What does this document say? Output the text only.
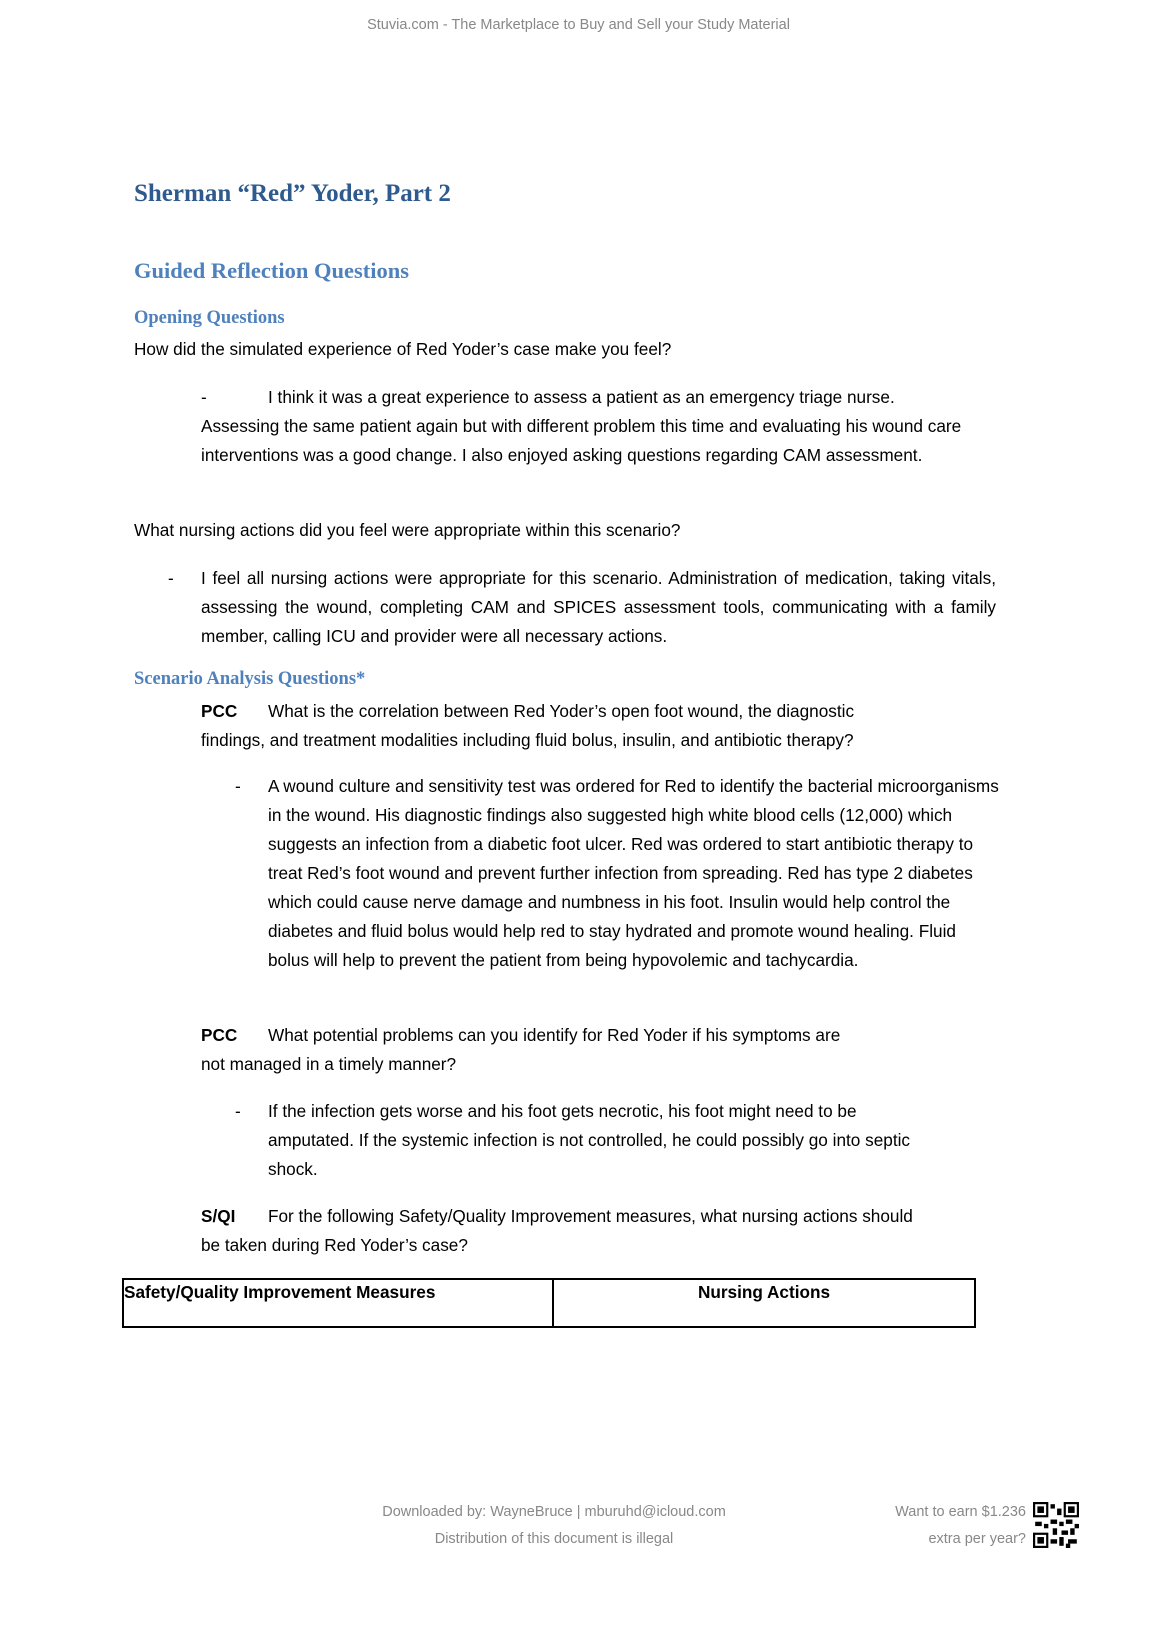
Stuvia.com - The Marketplace to Buy and Sell your Study Material
Sherman “Red” Yoder, Part 2
Guided Reflection Questions
Opening Questions
How did the simulated experience of Red Yoder’s case make you feel?
-	I think it was a great experience to assess a patient as an emergency triage nurse.
Assessing the same patient again but with different problem this time and evaluating his wound care interventions was a good change. I also enjoyed asking questions regarding CAM assessment.
What nursing actions did you feel were appropriate within this scenario?
- I feel all nursing actions were appropriate for this scenario. Administration of medication, taking vitals, assessing the wound, completing CAM and SPICES assessment tools, communicating with a family member, calling ICU and provider were all necessary actions.
Scenario Analysis Questions*
PCC What is the correlation between Red Yoder’s open foot wound, the diagnostic
findings, and treatment modalities including fluid bolus, insulin, and antibiotic therapy?
- A wound culture and sensitivity test was ordered for Red to identify the bacterial microorganisms in the wound. His diagnostic findings also suggested high white blood cells (12,000) which suggests an infection from a diabetic foot ulcer. Red was ordered to start antibiotic therapy to treat Red’s foot wound and prevent further infection from spreading. Red has type 2 diabetes which could cause nerve damage and numbness in his foot. Insulin would help control the diabetes and fluid bolus would help red to stay hydrated and promote wound healing. Fluid bolus will help to prevent the patient from being hypovolemic and tachycardia.
PCC What potential problems can you identify for Red Yoder if his symptoms are
not managed in a timely manner?
- If the infection gets worse and his foot gets necrotic, his foot might need to be amputated. If the systemic infection is not controlled, he could possibly go into septic shock.
S/QI For the following Safety/Quality Improvement measures, what nursing actions should
be taken during Red Yoder’s case?
Safety/Quality Improvement Measures	Nursing Actions
Downloaded by: WayneBruce | mburuhd@icloud.com
Distribution of this document is illegal
Want to earn $1.236
extra per year?
